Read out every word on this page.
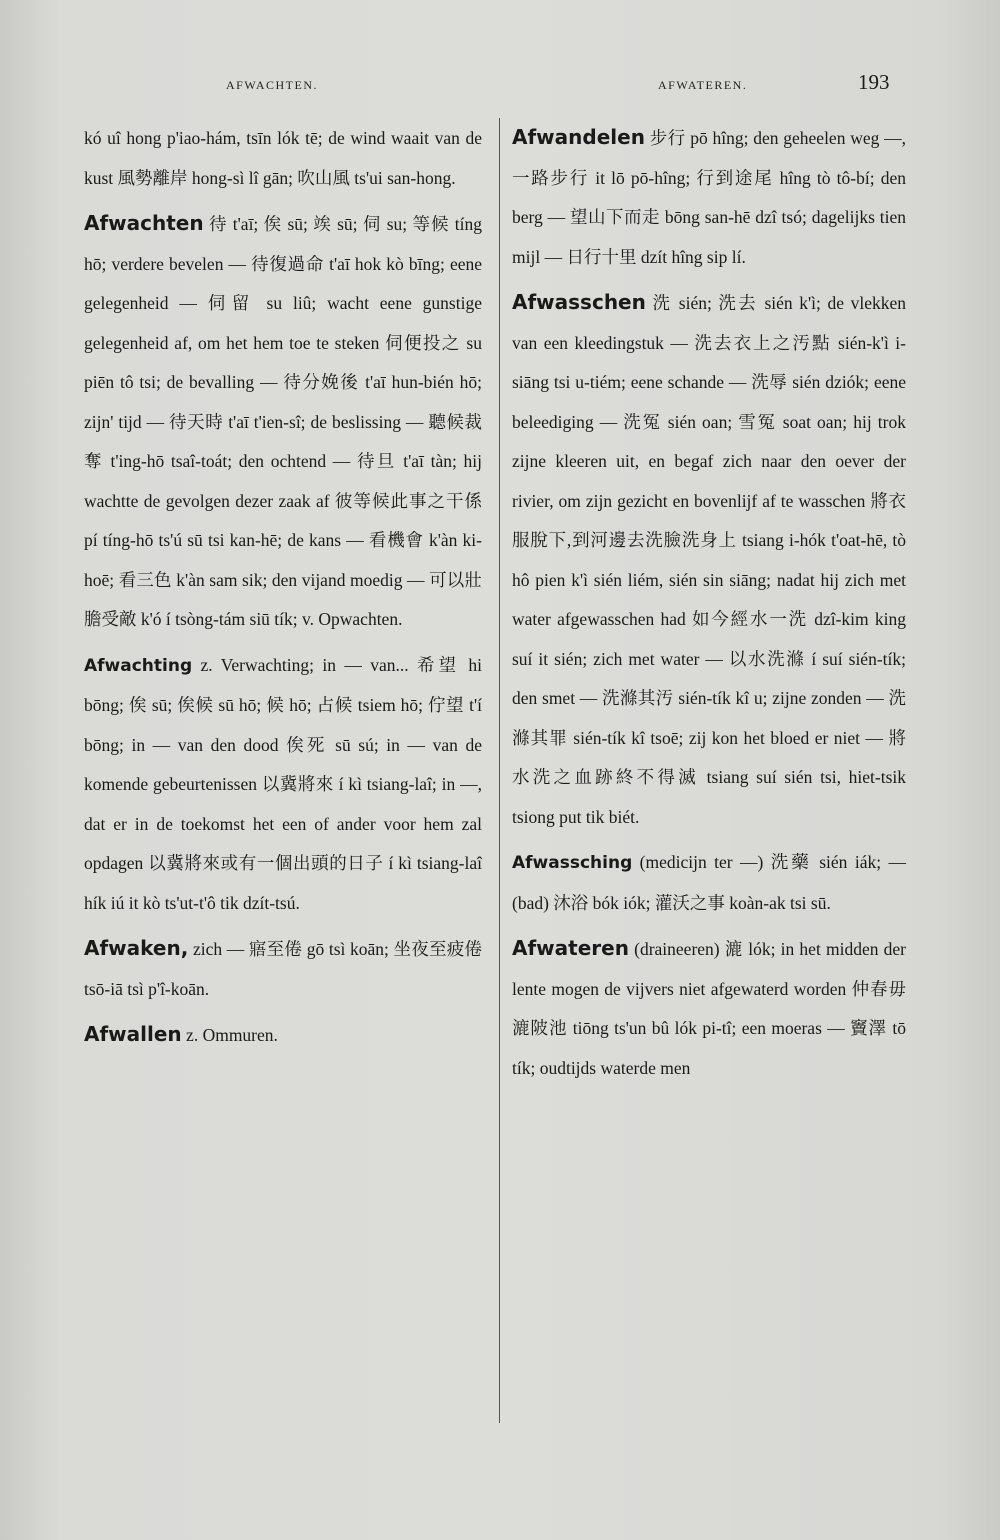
AFWACHTEN.	AFWATEREN.	193

kó uî hong p'iao-hám, tsīn lók tē; de wind waait van de kust 風勢離岸 hong-sì lî gān; 吹山風 ts'ui san-hong.

Afwachten 待 t'aī; 俟 sū; 竢 sū; 伺 su; 等候 tíng hō; verdere bevelen — 待復過命 t'aī hok kò bīng; eene gelegenheid — 伺留 su liû; wacht eene gunstige gelegenheid af, om het hem toe te steken 伺便投之 su piēn tô tsi; de bevalling — 待分娩後 t'aī hun-bién hō; zijn' tijd — 待天時 t'aī t'ien-sî; de beslissing — 聽候裁奪 t'ing-hō tsaî-toát; den ochtend — 待旦 t'aī tàn; hij wachtte de gevolgen dezer zaak af 彼等候此事之干係 pí tíng-hō ts'ú sū tsi kan-hē; de kans — 看機會 k'àn ki-hoē; 看三色 k'àn sam sik; den vijand moedig — 可以壯膽受敵 k'ó í tsòng-tám siū tík; v. Opwachten.

Afwachting z. Verwachting; in — van... 希望 hi bōng; 俟 sū; 俟候 sū hō; 候 hō; 占候 tsiem hō; 佇望 t'í bōng; in — van den dood 俟死 sū sú; in — van de komende gebeurtenissen 以冀將來 í kì tsiang-laî; in —, dat er in de toekomst het een of ander voor hem zal opdagen 以冀將來或有一個出頭的日子 í kì tsiang-laî hík iú it kò ts'ut-t'ô tik dzít-tsú.

Afwaken, zich — 寤至倦 gō tsì koān; 坐夜至疲倦 tsō-iā tsì p'î-koān.

Afwallen z. Ommuren.

Afwandelen 步行 pō hîng; den geheelen weg —, 一路步行 it lō pō-hîng; 行到途尾 hîng tò tô-bí; den berg — 望山下而走 bōng san-hē dzî tsó; dagelijks tien mijl — 日行十里 dzít hîng sip lí.

Afwasschen 洗 sién; 洗去 sién k'ì; de vlekken van een kleedingstuk — 洗去衣上之汚點 sién-k'ì i-siāng tsi u-tiém; eene schande — 洗辱 sién dziók; eene beleediging — 洗冤 sién oan; 雪冤 soat oan; hij trok zijne kleeren uit, en begaf zich naar den oever der rivier, om zijn gezicht en bovenlijf af te wasschen 將衣服脫下,到河邊去洗臉洗身上 tsiang i-hók t'oat-hē, tò hô pien k'ì sién liém, sién sin siāng; nadat hij zich met water afgewasschen had 如今經水一洗 dzî-kim king suí it sién; zich met water — 以水洗滌 í suí sién-tík; den smet — 洗滌其汚 sién-tík kî u; zijne zonden — 洗滌其罪 sién-tík kî tsoē; zij kon het bloed er niet — 將水洗之血跡終不得滅 tsiang suí sién tsi, hiet-tsik tsiong put tik biét.

Afwassching (medicijn ter —) 洗藥 sién iák; — (bad) 沐浴 bók iók; 灌沃之事 koàn-ak tsi sū.

Afwateren (draineeren) 漉 lók; in het midden der lente mogen de vijvers niet afgewaterd worden 仲春毋漉陂池 tiōng ts'un bû lók pi-tî; een moeras — 竇澤 tō tík; oudtijds waterde men
